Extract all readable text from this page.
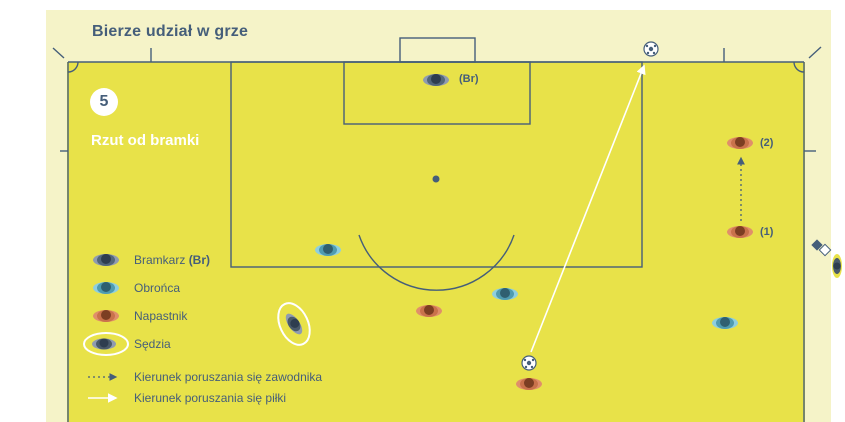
Bierze udział w grze
5
Rzut od bramki
(Br)
(2)
(1)
Bramkarz (Br)
Obrońca
Napastnik
Sędzia
Kierunek poruszania się zawodnika
Kierunek poruszania się piłki
